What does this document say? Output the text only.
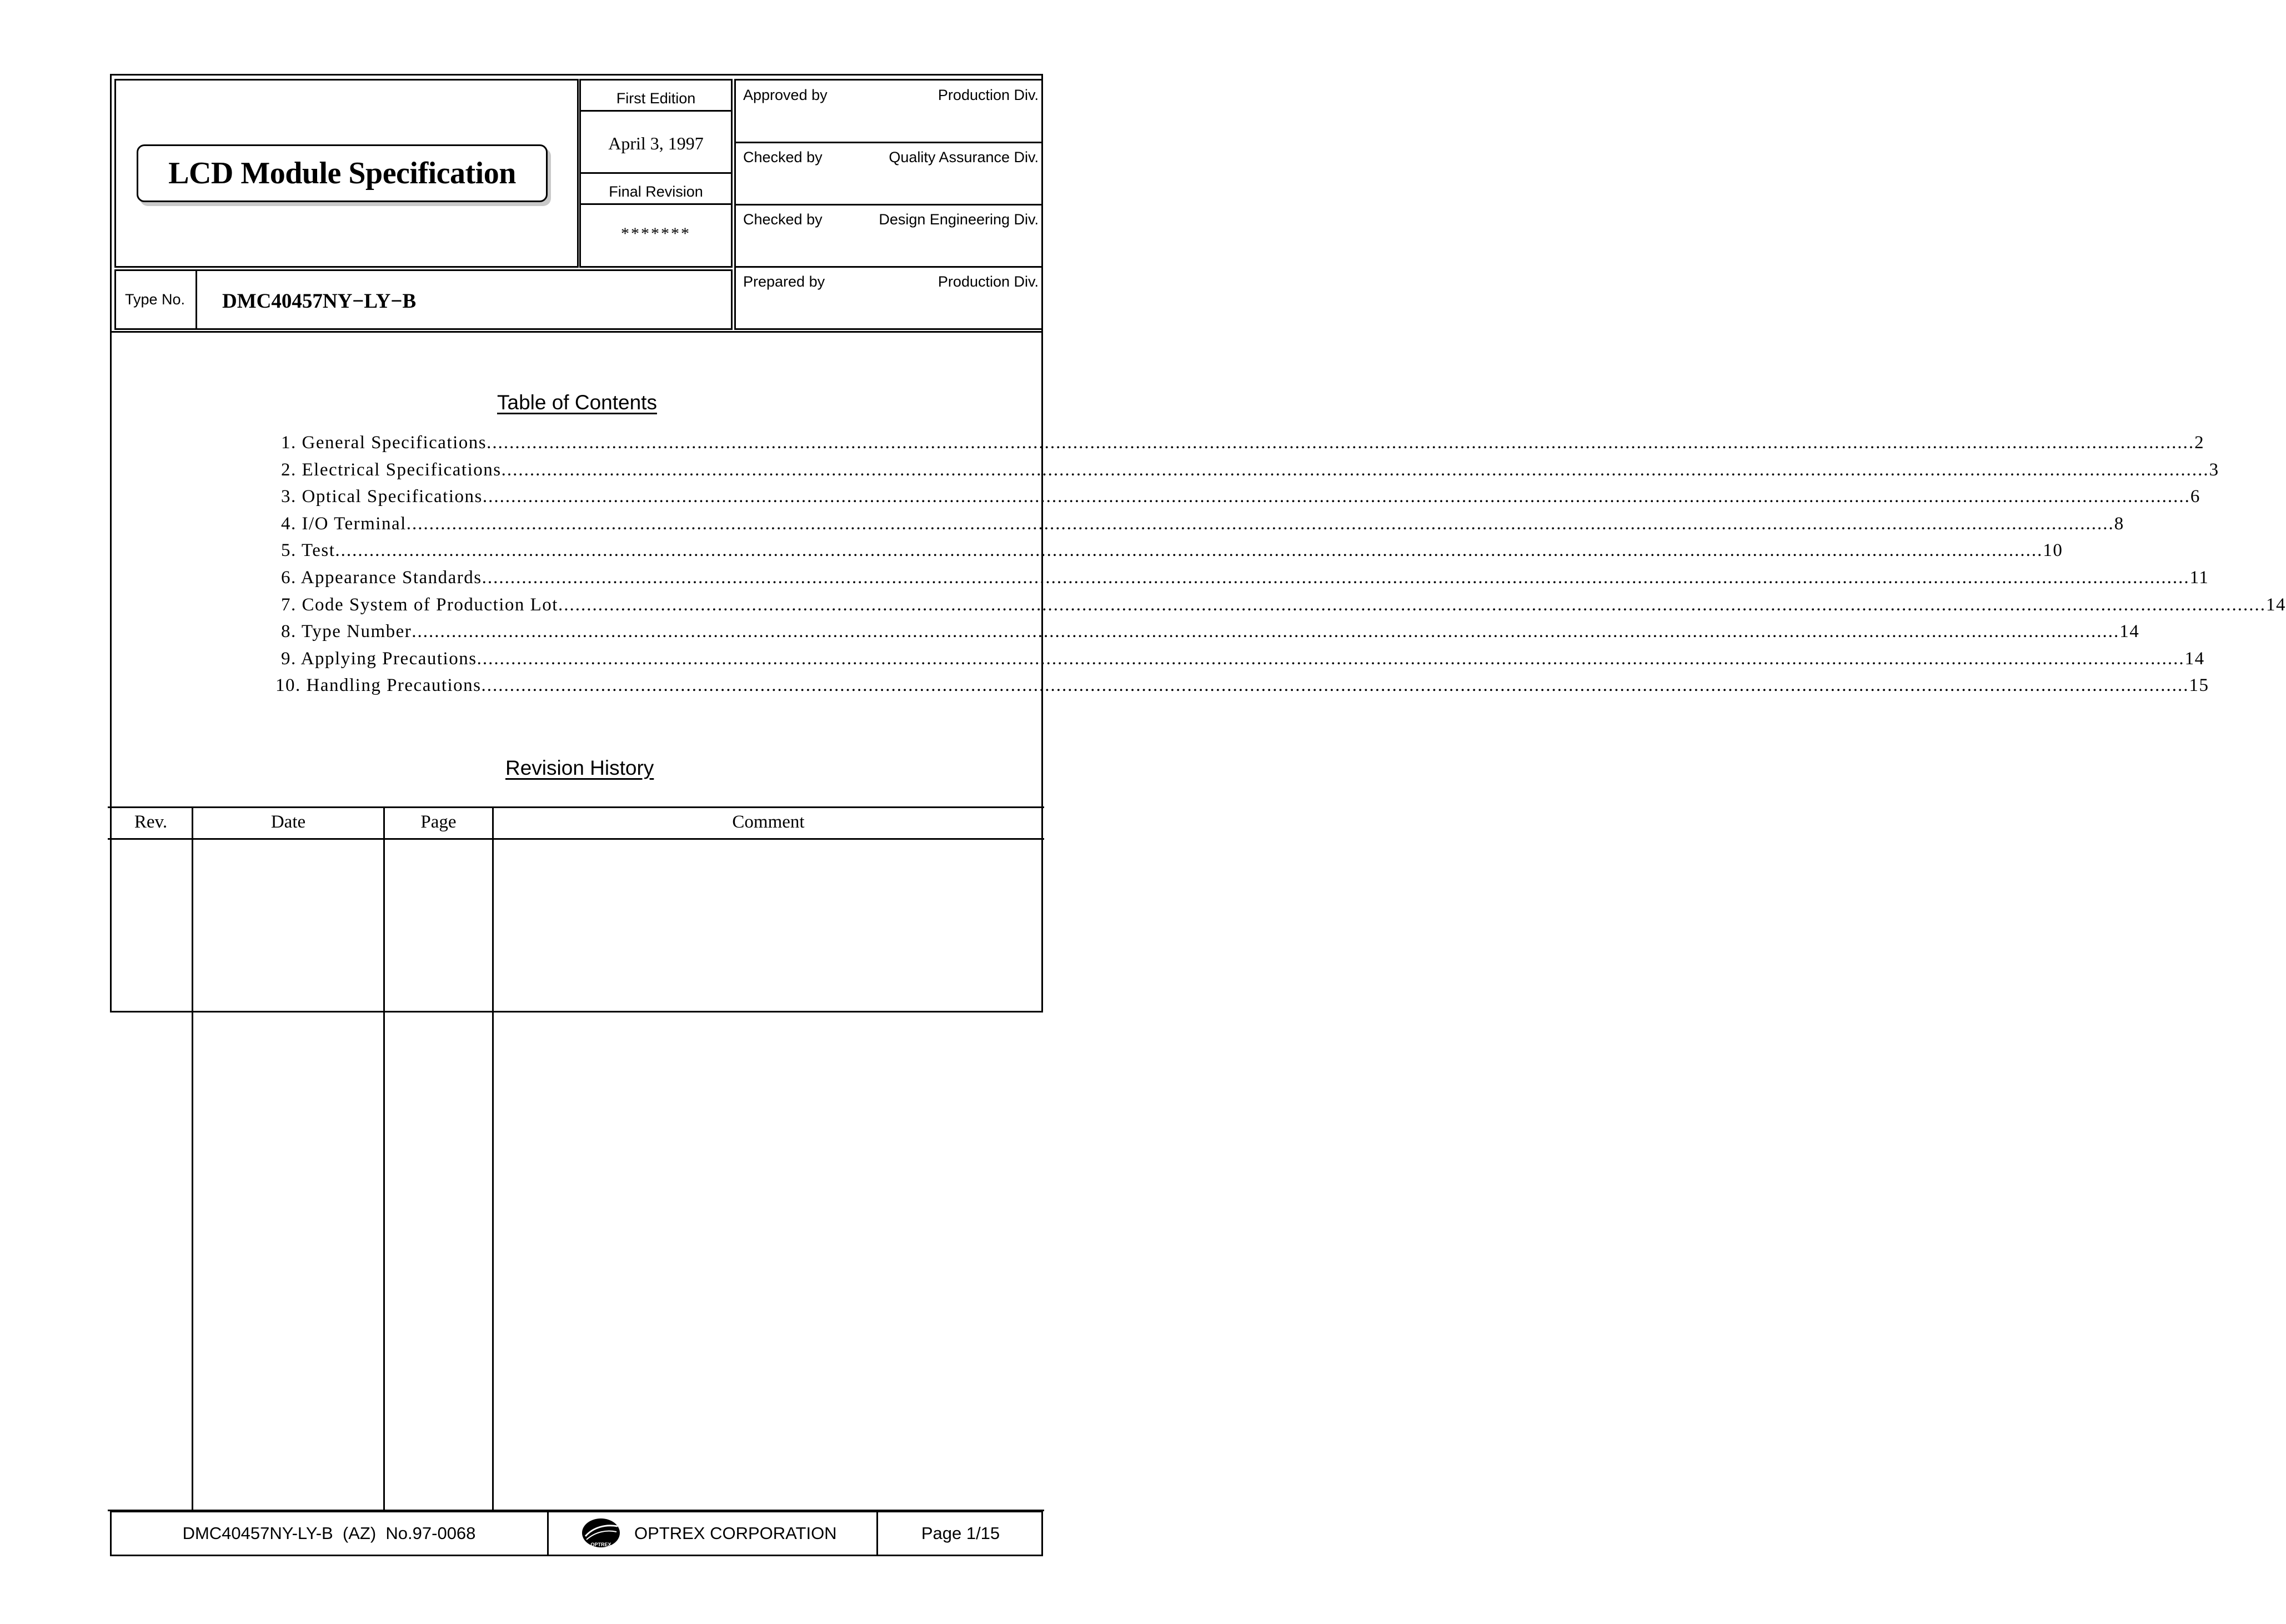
LCD Module Specification
First Edition
April 3, 1997
Final Revision
*******
Approved by	Production Div.
Checked by	Quality Assurance Div.
Checked by	Design Engineering Div.
Prepared by	Production Div.
Type No.	DMC40457NY−LY−B
Table of Contents
1. General Specifications ............................................................................................................................................................................................................................................................................................................ 2
2. Electrical Specifications ............................................................................................................................................................................................................................................................................................................ 3
3. Optical Specifications ............................................................................................................................................................................................................................................................................................................ 6
4. I/O Terminal ............................................................................................................................................................................................................................................................................................................ 8
5. Test ............................................................................................................................................................................................................................................................................................................ 10
6. Appearance Standards ............................................................................................................................................................................................................................................................................................................ 11
7. Code System of Production Lot ............................................................................................................................................................................................................................................................................................................ 14
8. Type Number ............................................................................................................................................................................................................................................................................................................ 14
9. Applying Precautions ............................................................................................................................................................................................................................................................................................................ 14
10. Handling Precautions ............................................................................................................................................................................................................................................................................................................ 15
Revision History
Rev.	Date	Page	Comment
DMC40457NY-LY-B  (AZ)  No.97-0068
OPTREX
OPTREX CORPORATION	Page 1/15
